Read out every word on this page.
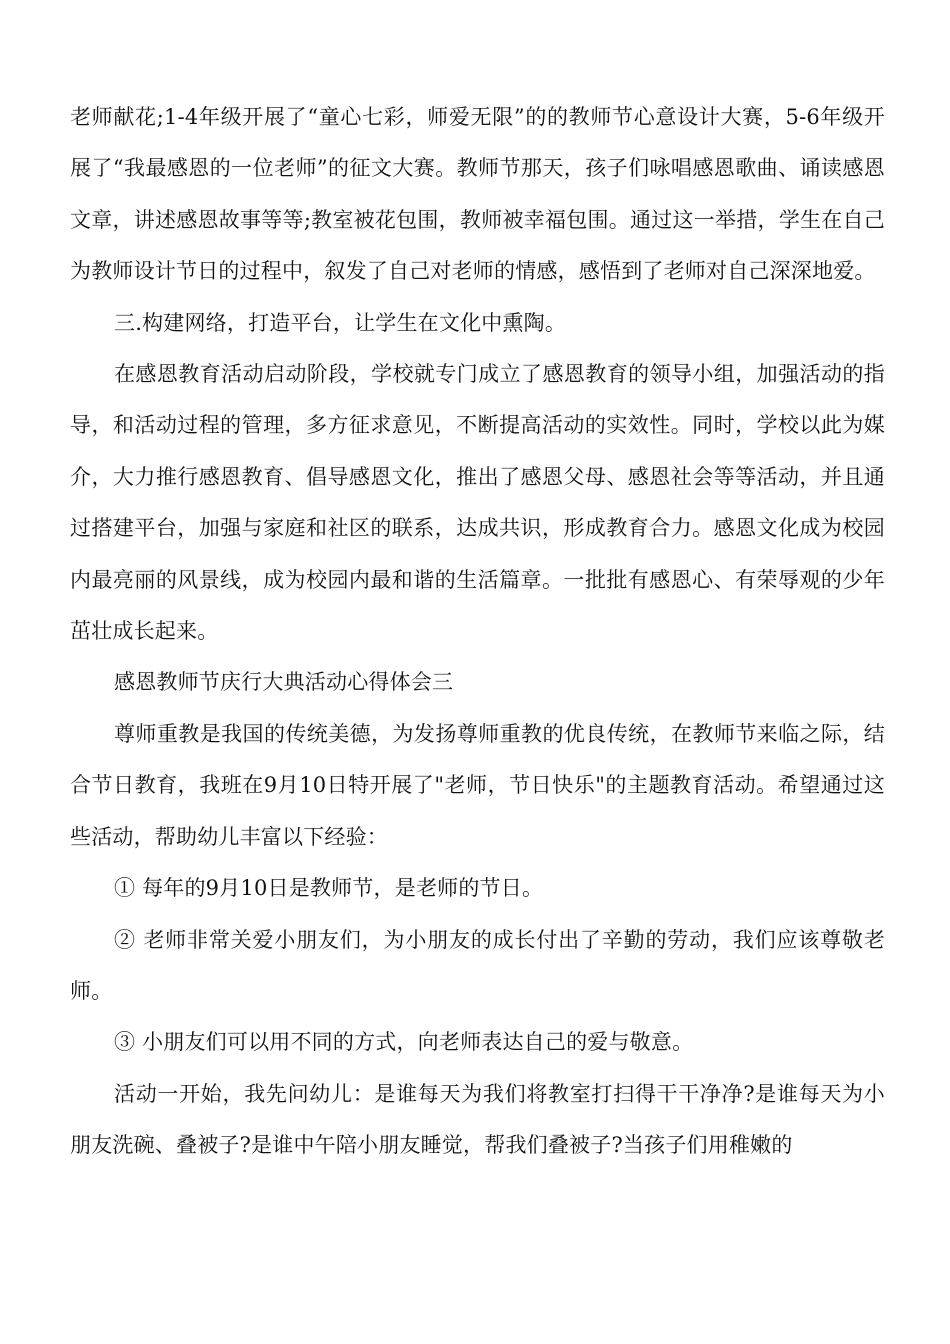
老师献花;1-4年级开展了“童心七彩，师爱无限”的的教师节心意设计大赛，5-6年级开展了“我最感恩的一位老师”的征文大赛。教师节那天，孩子们咏唱感恩歌曲、诵读感恩文章，讲述感恩故事等等;教室被花包围，教师被幸福包围。通过这一举措，学生在自己为教师设计节日的过程中，叙发了自己对老师的情感，感悟到了老师对自己深深地爱。

三.构建网络，打造平台，让学生在文化中熏陶。

在感恩教育活动启动阶段，学校就专门成立了感恩教育的领导小组，加强活动的指导，和活动过程的管理，多方征求意见，不断提高活动的实效性。同时，学校以此为媒介，大力推行感恩教育、倡导感恩文化，推出了感恩父母、感恩社会等等活动，并且通过搭建平台，加强与家庭和社区的联系，达成共识，形成教育合力。感恩文化成为校园内最亮丽的风景线，成为校园内最和谐的生活篇章。一批批有感恩心、有荣辱观的少年茁壮成长起来。

感恩教师节庆行大典活动心得体会三

尊师重教是我国的传统美德，为发扬尊师重教的优良传统，在教师节来临之际，结合节日教育，我班在9月10日特开展了"老师，节日快乐"的主题教育活动。希望通过这些活动，帮助幼儿丰富以下经验：

① 每年的9月10日是教师节，是老师的节日。

② 老师非常关爱小朋友们，为小朋友的成长付出了辛勤的劳动，我们应该尊敬老师。

③ 小朋友们可以用不同的方式，向老师表达自己的爱与敬意。

活动一开始，我先问幼儿：是谁每天为我们将教室打扫得干干净净?是谁每天为小朋友洗碗、叠被子?是谁中午陪小朋友睡觉，帮我们叠被子?当孩子们用稚嫩的
